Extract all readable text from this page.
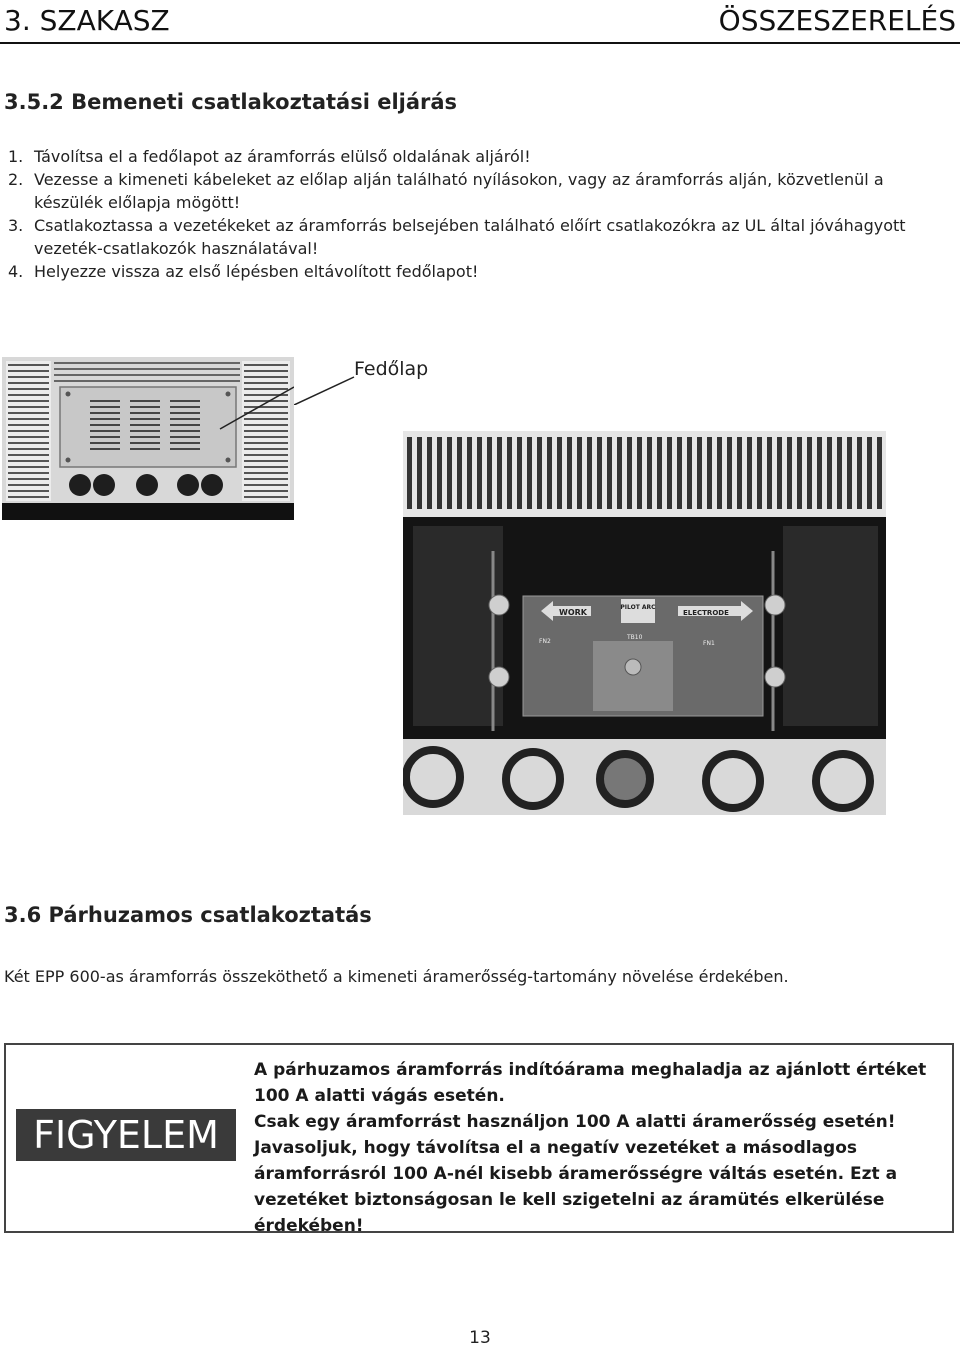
3. SZAKASZ	ÖSSZESZERELÉS
3.5.2 Bemeneti csatlakoztatási eljárás
1. Távolítsa el a fedőlapot az áramforrás elülső oldalának aljáról!
2. Vezesse a kimeneti kábeleket az előlap alján található nyílásokon, vagy az áramforrás alján, közvetlenül a készülék előlapja mögött!
3. Csatlakoztassa a vezetékeket az áramforrás belsejében található előírt csatlakozókra az UL által jóváhagyott vezeték-csatlakozók használatával!
4. Helyezze vissza az első lépésben eltávolított fedőlapot!
Fedőlap
WORK
PILOT ARC
ELECTRODE
FN2
TB10
FN1
3.6 Párhuzamos csatlakoztatás
Két EPP 600-as áramforrás összeköthető a kimeneti áramerősség-tartomány növelése érdekében.
FIGYELEM

A párhuzamos áramforrás indítóárama meghaladja az ajánlott értéket 100 A alatti vágás esetén.

Csak egy áramforrást használjon 100 A alatti áramerősség esetén!

Javasoljuk, hogy távolítsa el a negatív vezetéket a másodlagos áramforrásról 100 A-nél kisebb áramerősségre váltás esetén. Ezt a vezetéket biztonságosan le kell szigetelni az áramütés elkerülése érdekében!

13
